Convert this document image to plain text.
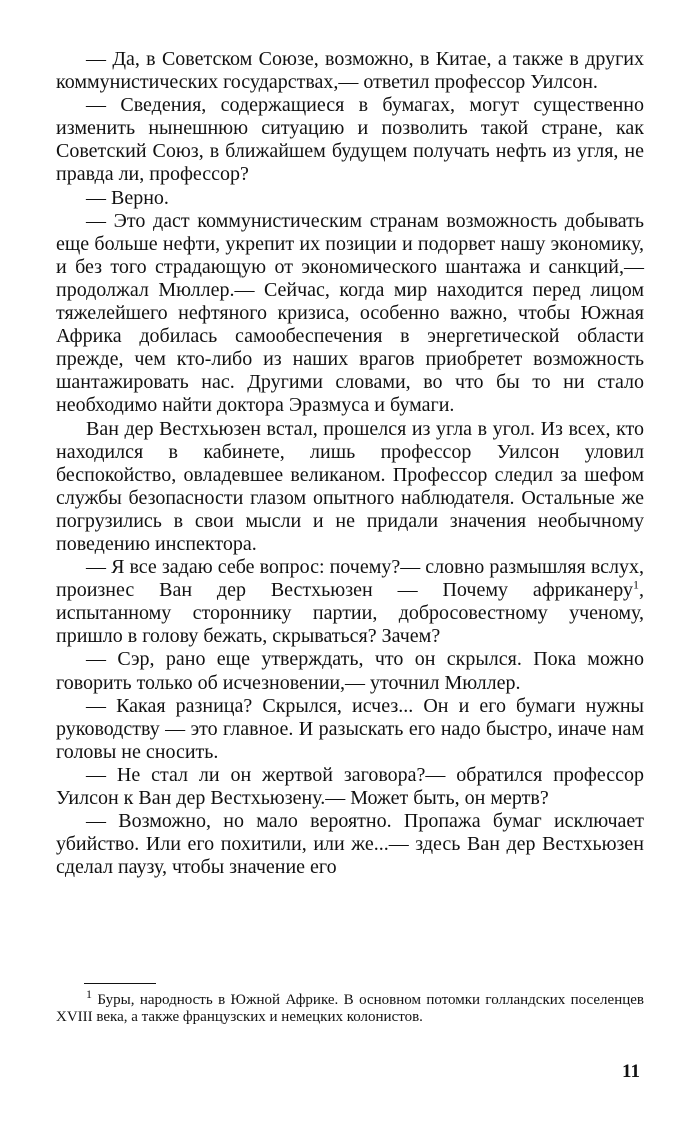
— Да, в Советском Союзе, возможно, в Китае, а также в других коммунистических государствах,— ответил профессор Уилсон.

— Сведения, содержащиеся в бумагах, могут существенно изменить нынешнюю ситуацию и позволить такой стране, как Советский Союз, в ближайшем будущем получать нефть из угля, не правда ли, профессор?

— Верно.

— Это даст коммунистическим странам возможность добывать еще больше нефти, укрепит их позиции и подорвет нашу экономику, и без того страдающую от экономического шантажа и санкций,— продолжал Мюллер.— Сейчас, когда мир находится перед лицом тяжелейшего нефтяного кризиса, особенно важно, чтобы Южная Африка добилась самообеспечения в энергетической области прежде, чем кто-либо из наших врагов приобретет возможность шантажировать нас. Другими словами, во что бы то ни стало необходимо найти доктора Эразмуса и бумаги.

Ван дер Вестхьюзен встал, прошелся из угла в угол. Из всех, кто находился в кабинете, лишь профессор Уилсон уловил беспокойство, овладевшее великаном. Профессор следил за шефом службы безопасности глазом опытного наблюдателя. Остальные же погрузились в свои мысли и не придали значения необычному поведению инспектора.

— Я все задаю себе вопрос: почему?— словно размышляя вслух, произнес Ван дер Вестхьюзен — Почему африканеру$^1$, испытанному стороннику партии, добросовестному ученому, пришло в голову бежать, скрываться? Зачем?

— Сэр, рано еще утверждать, что он скрылся. Пока можно говорить только об исчезновении,— уточнил Мюллер.

— Какая разница? Скрылся, исчез... Он и его бумаги нужны руководству — это главное. И разыскать его надо быстро, иначе нам головы не сносить.

— Не стал ли он жертвой заговора?— обратился профессор Уилсон к Ван дер Вестхьюзену.— Может быть, он мертв?

— Возможно, но мало вероятно. Пропажа бумаг исключает убийство. Или его похитили, или же...— здесь Ван дер Вестхьюзен сделал паузу, чтобы значение его

$^1$ Буры, народность в Южной Африке. В основном потомки голландских поселенцев XVIII века, а также французских и немецких колонистов.

11
